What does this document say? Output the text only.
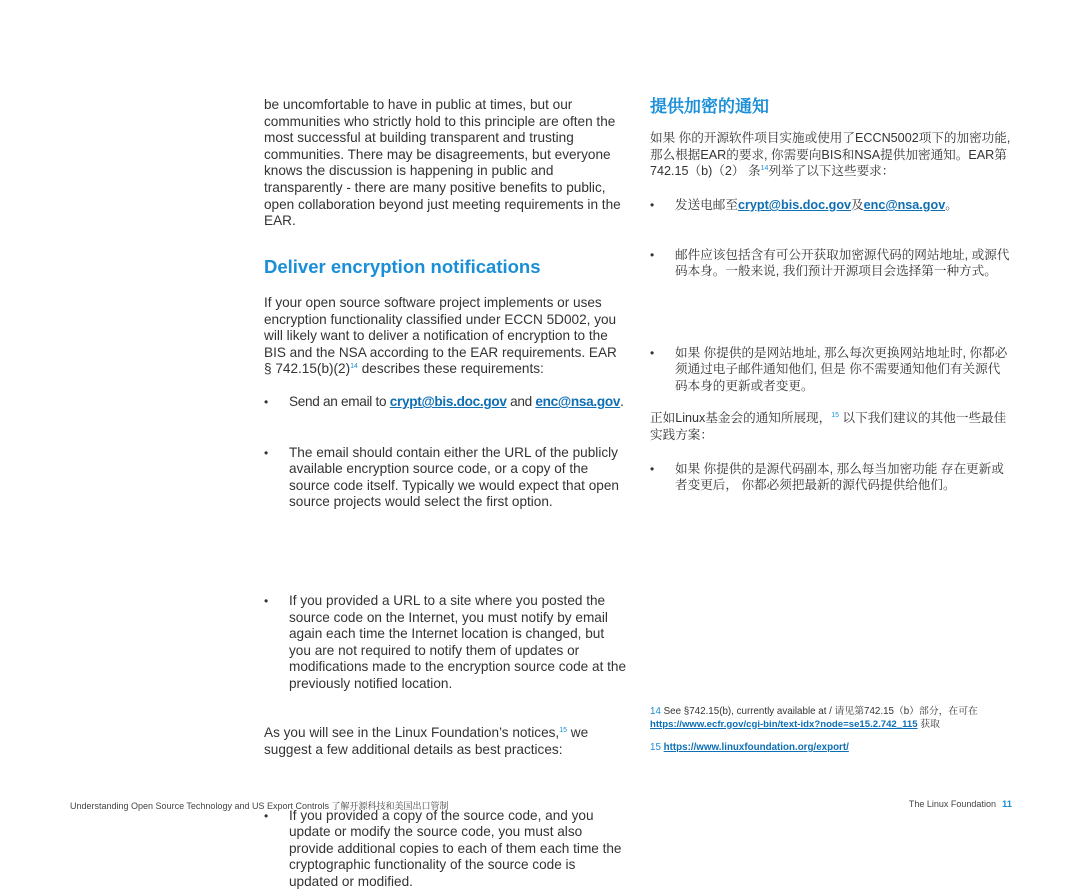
be uncomfortable to have in public at times, but our communities who strictly hold to this principle are often the most successful at building transparent and trusting communities. There may be disagreements, but everyone knows the discussion is happening in public and transparently - there are many positive benefits to public, open collaboration beyond just meeting requirements in the EAR.

Deliver encryption notifications

If your open source software project implements or uses encryption functionality classified under ECCN 5D002, you will likely want to deliver a notification of encryption to the BIS and the NSA according to the EAR requirements. EAR § $742.15(b)(2)^{14}$ describes these requirements:

• Send an email to crypt@bis.doc.gov and enc@nsa.gov.
• The email should contain either the URL of the publicly available encryption source code, or a copy of the source code itself. Typically we would expect that open source projects would select the first option.
• If you provided a URL to a site where you posted the source code on the Internet, you must notify by email again each time the Internet location is changed, but you are not required to notify them of updates or modifications made to the encryption source code at the previously notified location.
• If you provided a copy of the source code, and you update or modify the source code, you must also provide additional copies to each of them each time the cryptographic functionality of the source code is updated or modified.

As you will see in the Linux Foundation’s notices,$^{15}$ we suggest a few additional details as best practices:

提供加密的通知

如果 你的开源软件项目实施或使用了ECCN5002项下的加密功能, 那么根据EAR的要求, 你需要向BIS和NSA提供加密通知。EAR第742.15（b)（2） 条$^{14}$列举了以下这些要求：

• 发送电邮至crypt@bis.doc.gov及enc@nsa.gov。
• 邮件应该包括含有可公开获取加密源代码的网站地址, 或源代码本身。一般来说, 我们预计开源项目会选择第一种方式。
• 如果 你提供的是网站地址, 那么每次更换网站地址时, 你都必须通过电子邮件通知他们, 但是 你不需要通知他们有关源代码本身的更新或者变更。
• 如果 你提供的是源代码副本, 那么每当加密功能 存在更新或者变更后， 你都必须把最新的源代码提供给他们。

正如Linux基金会的通知所展现，$^{15}$ 以下我们建议的其他一些最佳实践方案：

14 See §742.15(b), currently available at / 请见第742.15（b）部分，在可在
https://www.ecfr.gov/cgi-bin/text-idx?node=se15.2.742_115 获取
15 https://www.linuxfoundation.org/export/
Understanding Open Source Technology and US Export Controls 了解开源科技和美国出口管制	The Linux Foundation 11
